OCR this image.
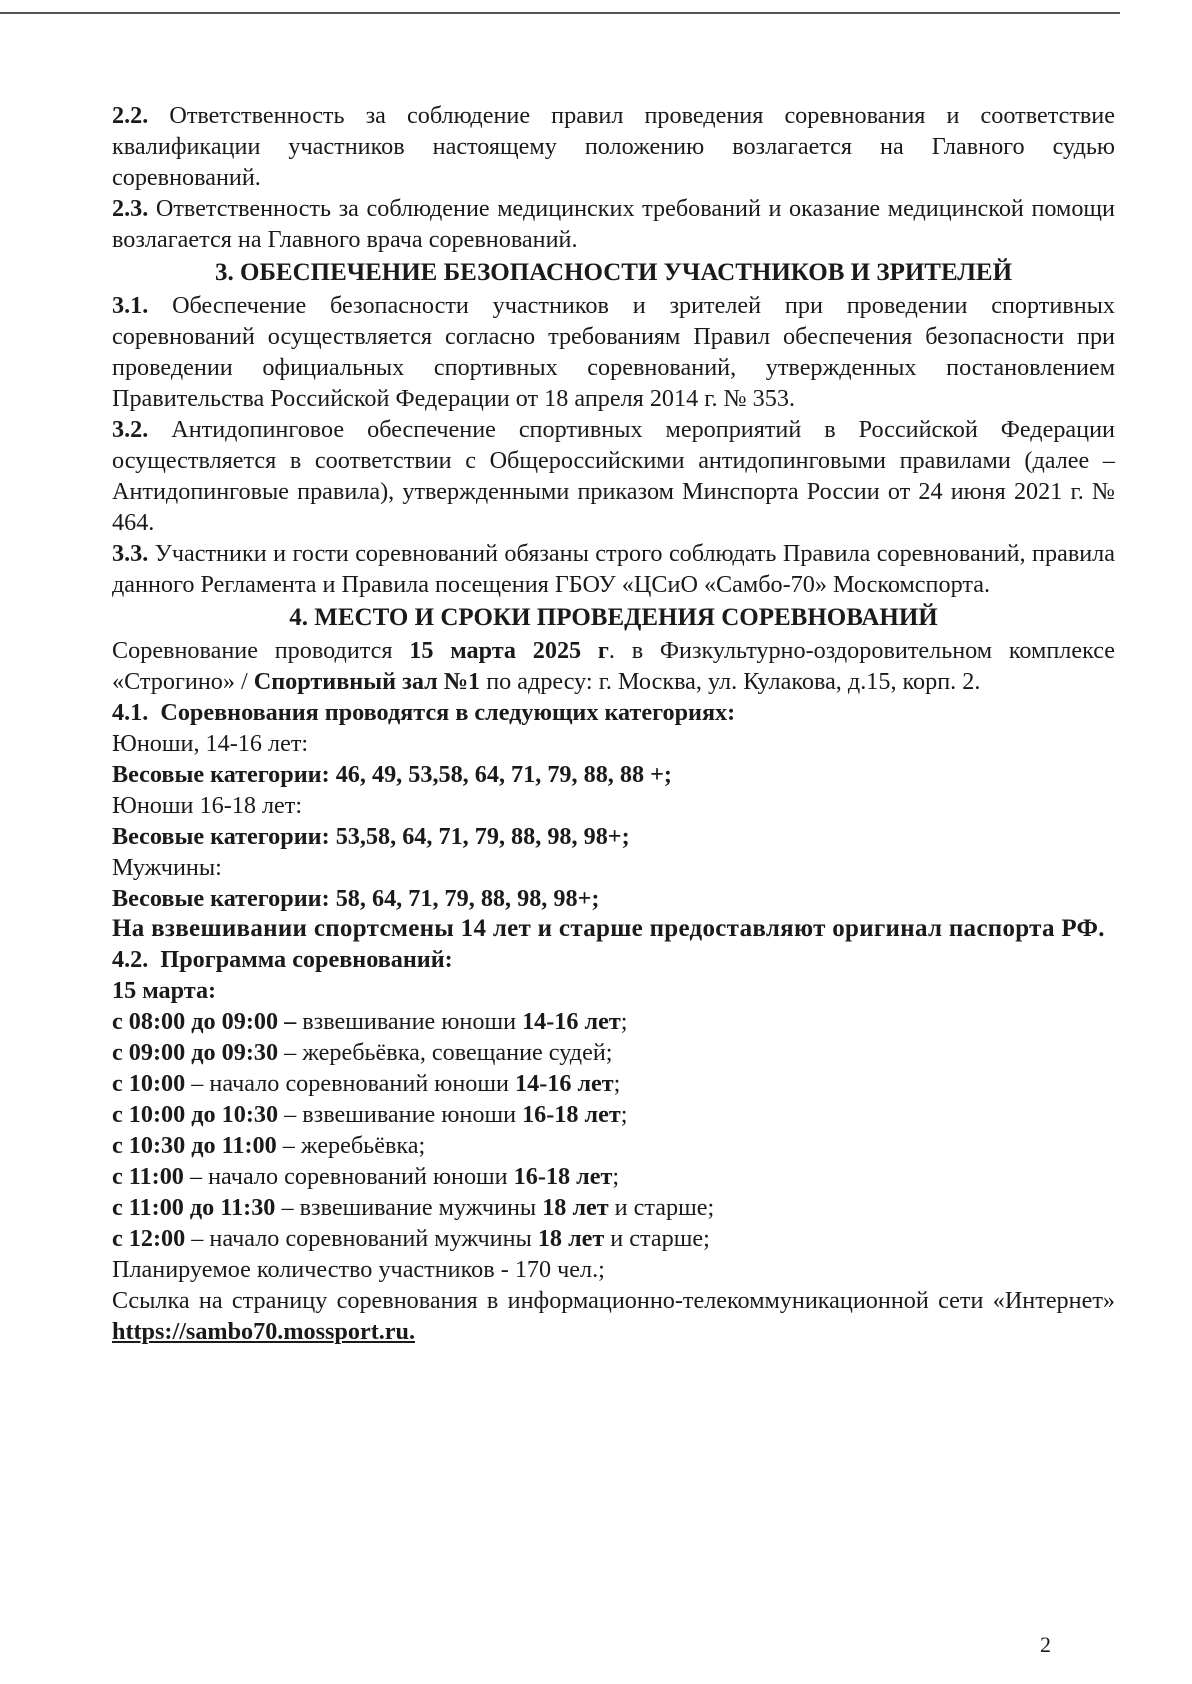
2.2. Ответственность за соблюдение правил проведения соревнования и соответствие квалификации участников настоящему положению возлагается на Главного судью соревнований.

2.3. Ответственность за соблюдение медицинских требований и оказание медицинской помощи возлагается на Главного врача соревнований.

3. ОБЕСПЕЧЕНИЕ БЕЗОПАСНОСТИ УЧАСТНИКОВ И ЗРИТЕЛЕЙ

3.1. Обеспечение безопасности участников и зрителей при проведении спортивных соревнований осуществляется согласно требованиям Правил обеспечения безопасности при проведении официальных спортивных соревнований, утвержденных постановлением Правительства Российской Федерации от 18 апреля 2014 г. № 353.

3.2. Антидопинговое обеспечение спортивных мероприятий в Российской Федерации осуществляется в соответствии с Общероссийскими антидопинговыми правилами (далее – Антидопинговые правила), утвержденными приказом Минспорта России от 24 июня 2021 г. № 464.

3.3. Участники и гости соревнований обязаны строго соблюдать Правила соревнований, правила данного Регламента и Правила посещения ГБОУ «ЦСиО «Самбо-70» Москомспорта.

4. МЕСТО И СРОКИ ПРОВЕДЕНИЯ СОРЕВНОВАНИЙ

Соревнование проводится 15 марта 2025 г. в Физкультурно-оздоровительном комплексе «Строгино» / Спортивный зал №1 по адресу: г. Москва, ул. Кулакова, д.15, корп. 2.

4.1. Соревнования проводятся в следующих категориях:

Юноши, 14-16 лет:

Весовые категории: 46, 49, 53,58, 64, 71, 79, 88, 88 +;

Юноши 16-18 лет:

Весовые категории: 53,58, 64, 71, 79, 88, 98, 98+;

Мужчины:

Весовые категории: 58, 64, 71, 79, 88, 98, 98+;

На взвешивании спортсмены 14 лет и старше предоставляют оригинал паспорта РФ.

4.2. Программа соревнований:

15 марта:

с 08:00 до 09:00 – взвешивание юноши 14-16 лет;

с 09:00 до 09:30 – жеребьёвка, совещание судей;

с 10:00 – начало соревнований юноши 14-16 лет;

с 10:00 до 10:30 – взвешивание юноши 16-18 лет;

с 10:30 до 11:00 – жеребьёвка;

с 11:00 – начало соревнований юноши 16-18 лет;

с 11:00 до 11:30 – взвешивание мужчины 18 лет и старше;

с 12:00 – начало соревнований мужчины 18 лет и старше;

Планируемое количество участников - 170 чел.;

Ссылка на страницу соревнования в информационно-телекоммуникационной сети «Интернет» https://sambo70.mossport.ru.

2
